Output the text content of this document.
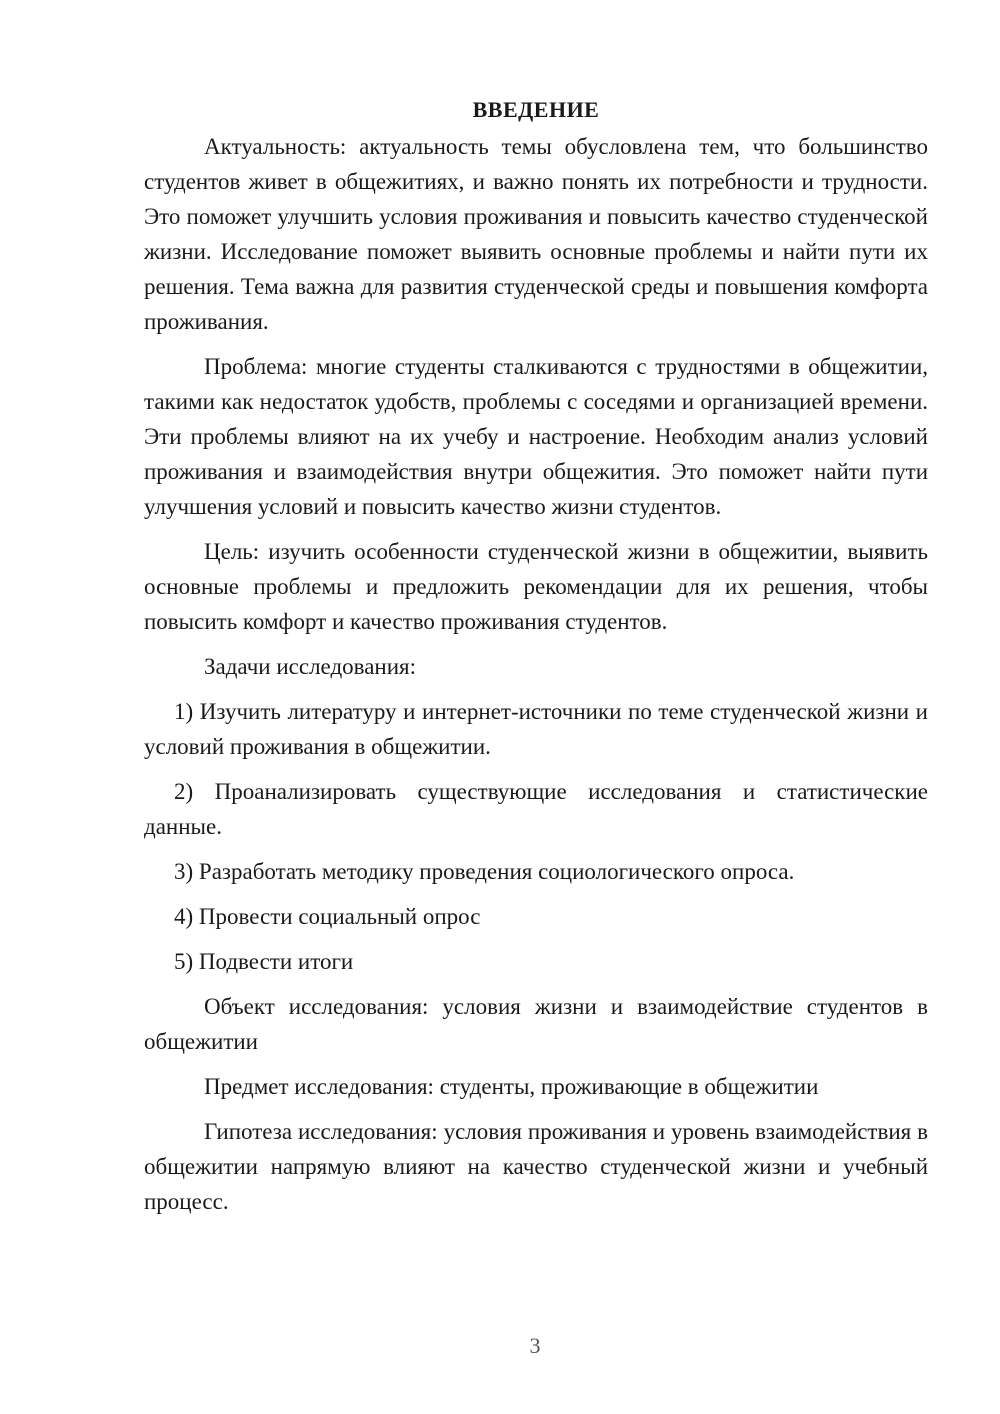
ВВЕДЕНИЕ

Актуальность: актуальность темы обусловлена тем, что большинство студентов живет в общежитиях, и важно понять их потребности и трудности. Это поможет улучшить условия проживания и повысить качество студенческой жизни. Исследование поможет выявить основные проблемы и найти пути их решения. Тема важна для развития студенческой среды и повышения комфорта проживания.

Проблема: многие студенты сталкиваются с трудностями в общежитии, такими как недостаток удобств, проблемы с соседями и организацией времени. Эти проблемы влияют на их учебу и настроение. Необходим анализ условий проживания и взаимодействия внутри общежития. Это поможет найти пути улучшения условий и повысить качество жизни студентов.

Цель: изучить особенности студенческой жизни в общежитии, выявить основные проблемы и предложить рекомендации для их решения, чтобы повысить комфорт и качество проживания студентов.

Задачи исследования:

1) Изучить литературу и интернет-источники по теме студенческой жизни и условий проживания в общежитии.

2) Проанализировать существующие исследования и статистические данные.

3) Разработать методику проведения социологического опроса.

4) Провести социальный опрос

5) Подвести итоги

Объект исследования: условия жизни и взаимодействие студентов в общежитии

Предмет исследования: студенты, проживающие в общежитии

Гипотеза исследования: условия проживания и уровень взаимодействия в общежитии напрямую влияют на качество студенческой жизни и учебный процесс.

3
